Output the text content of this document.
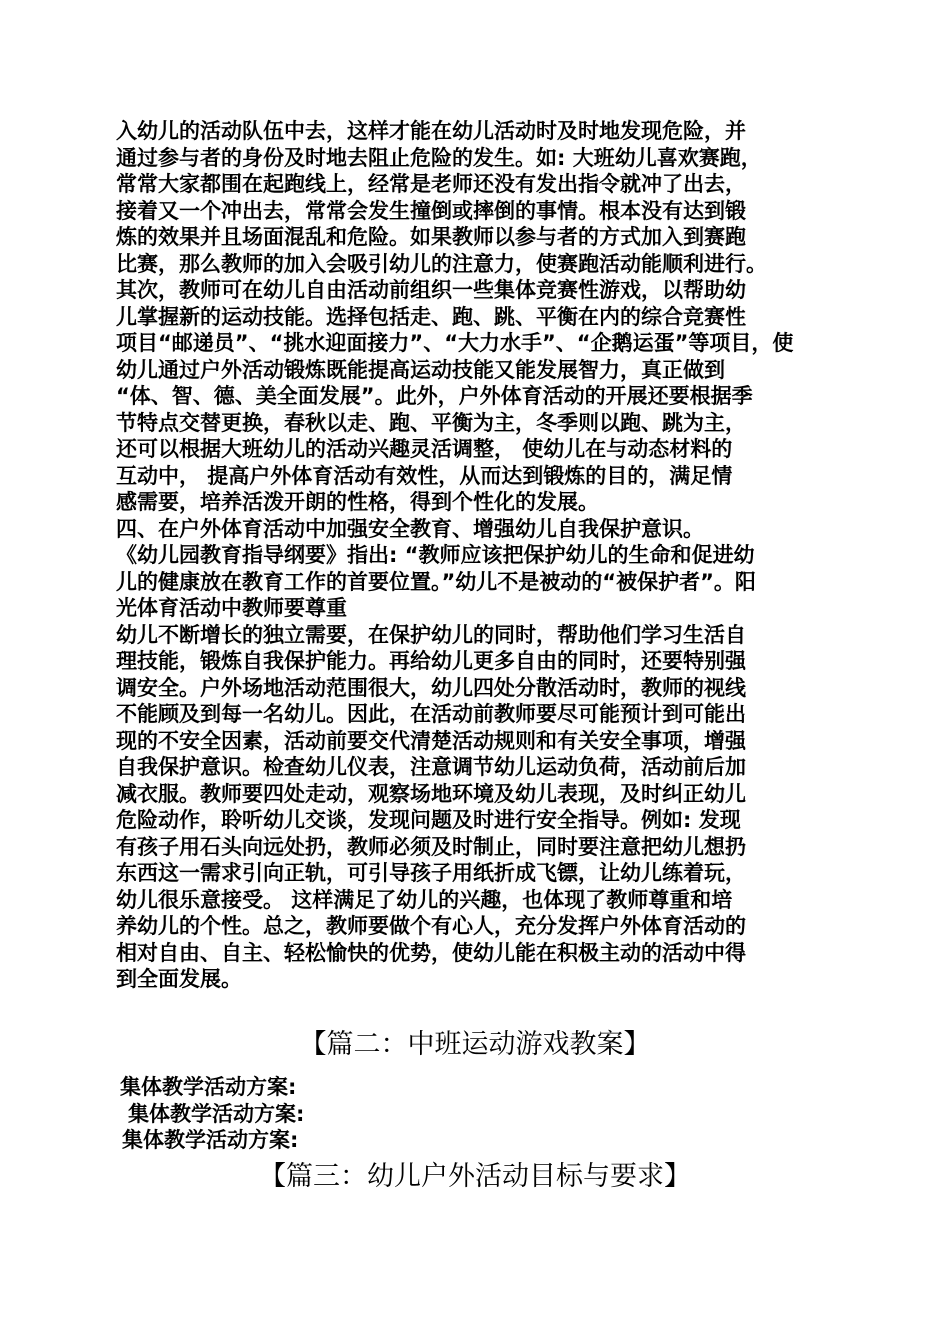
入幼儿的活动队伍中去，这样才能在幼儿活动时及时地发现危险，并
通过参与者的身份及时地去阻止危险的发生。如: 大班幼儿喜欢赛跑，
常常大家都围在起跑线上，经常是老师还没有发出指令就冲了出去，
接着又一个冲出去，常常会发生撞倒或摔倒的事情。根本没有达到锻
炼的效果并且场面混乱和危险。如果教师以参与者的方式加入到赛跑
比赛，那么教师的加入会吸引幼儿的注意力，使赛跑活动能顺利进行。
其次，教师可在幼儿自由活动前组织一些集体竞赛性游戏，以帮助幼
儿掌握新的运动技能。选择包括走、跑、跳、平衡在内的综合竞赛性
项目“邮递员”、“挑水迎面接力”、“大力水手”、“企鹅运蛋”等项目，使
幼儿通过户外活动锻炼既能提高运动技能又能发展智力，真正做到
“体、智、德、美全面发展”。此外，户外体育活动的开展还要根据季
节特点交替更换，春秋以走、跑、平衡为主，冬季则以跑、跳为主，
还可以根据大班幼儿的活动兴趣灵活调整， 使幼儿在与动态材料的
互动中， 提高户外体育活动有效性，从而达到锻炼的目的，满足情
感需要，培养活泼开朗的性格，得到个性化的发展。
四、在户外体育活动中加强安全教育、增强幼儿自我保护意识。
《幼儿园教育指导纲要》指出: “教师应该把保护幼儿的生命和促进幼
儿的健康放在教育工作的首要位置。”幼儿不是被动的“被保护者”。阳
光体育活动中教师要尊重
幼儿不断增长的独立需要，在保护幼儿的同时，帮助他们学习生活自
理技能，锻炼自我保护能力。再给幼儿更多自由的同时，还要特别强
调安全。户外场地活动范围很大，幼儿四处分散活动时，教师的视线
不能顾及到每一名幼儿。因此，在活动前教师要尽可能预计到可能出
现的不安全因素，活动前要交代清楚活动规则和有关安全事项，增强
自我保护意识。检查幼儿仪表，注意调节幼儿运动负荷，活动前后加
减衣服。教师要四处走动，观察场地环境及幼儿表现，及时纠正幼儿
危险动作，聆听幼儿交谈，发现问题及时进行安全指导。例如: 发现
有孩子用石头向远处扔，教师必须及时制止，同时要注意把幼儿想扔
东西这一需求引向正轨，可引导孩子用纸折成飞镖，让幼儿练着玩，
幼儿很乐意接受。 这样满足了幼儿的兴趣，也体现了教师尊重和培
养幼儿的个性。总之，教师要做个有心人，充分发挥户外体育活动的
相对自由、自主、轻松愉快的优势，使幼儿能在积极主动的活动中得
到全面发展。
【篇二：中班运动游戏教案】
集体教学活动方案:
集体教学活动方案:
集体教学活动方案:
【篇三：幼儿户外活动目标与要求】
